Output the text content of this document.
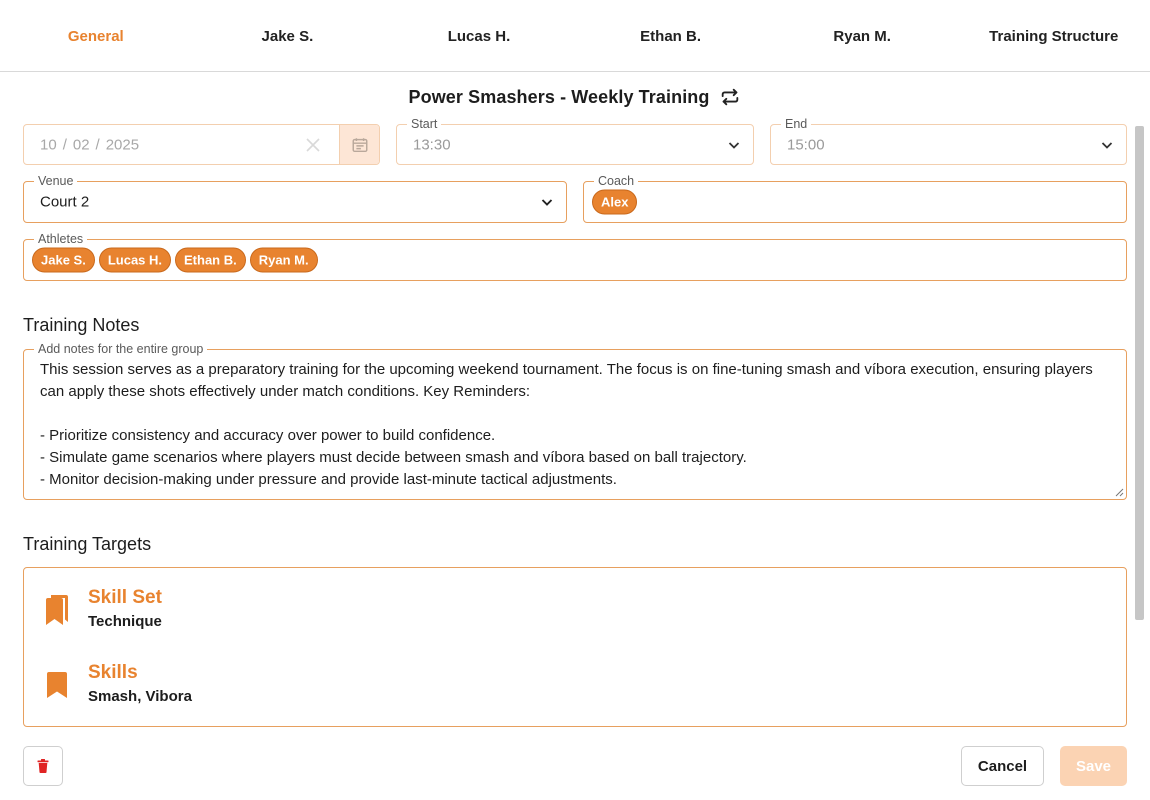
General	Jake S.	Lucas H.	Ethan B.	Ryan M.	Training Structure
Power Smashers - Weekly Training
10 / 02 / 2025
Start
13:30
End
15:00
Venue
Court 2
Coach
Alex
Athletes
Jake S.	Lucas H.	Ethan B.	Ryan M.
Training Notes
Add notes for the entire group
This session serves as a preparatory training for the upcoming weekend tournament. The focus is on fine-tuning smash and víbora execution, ensuring players can apply these shots effectively under match conditions. Key Reminders:

- Prioritize consistency and accuracy over power to build confidence.
- Simulate game scenarios where players must decide between smash and víbora based on ball trajectory.
- Monitor decision-making under pressure and provide last-minute tactical adjustments.
Training Targets
Skill Set
Technique
Skills
Smash, Vibora
Cancel	Save
